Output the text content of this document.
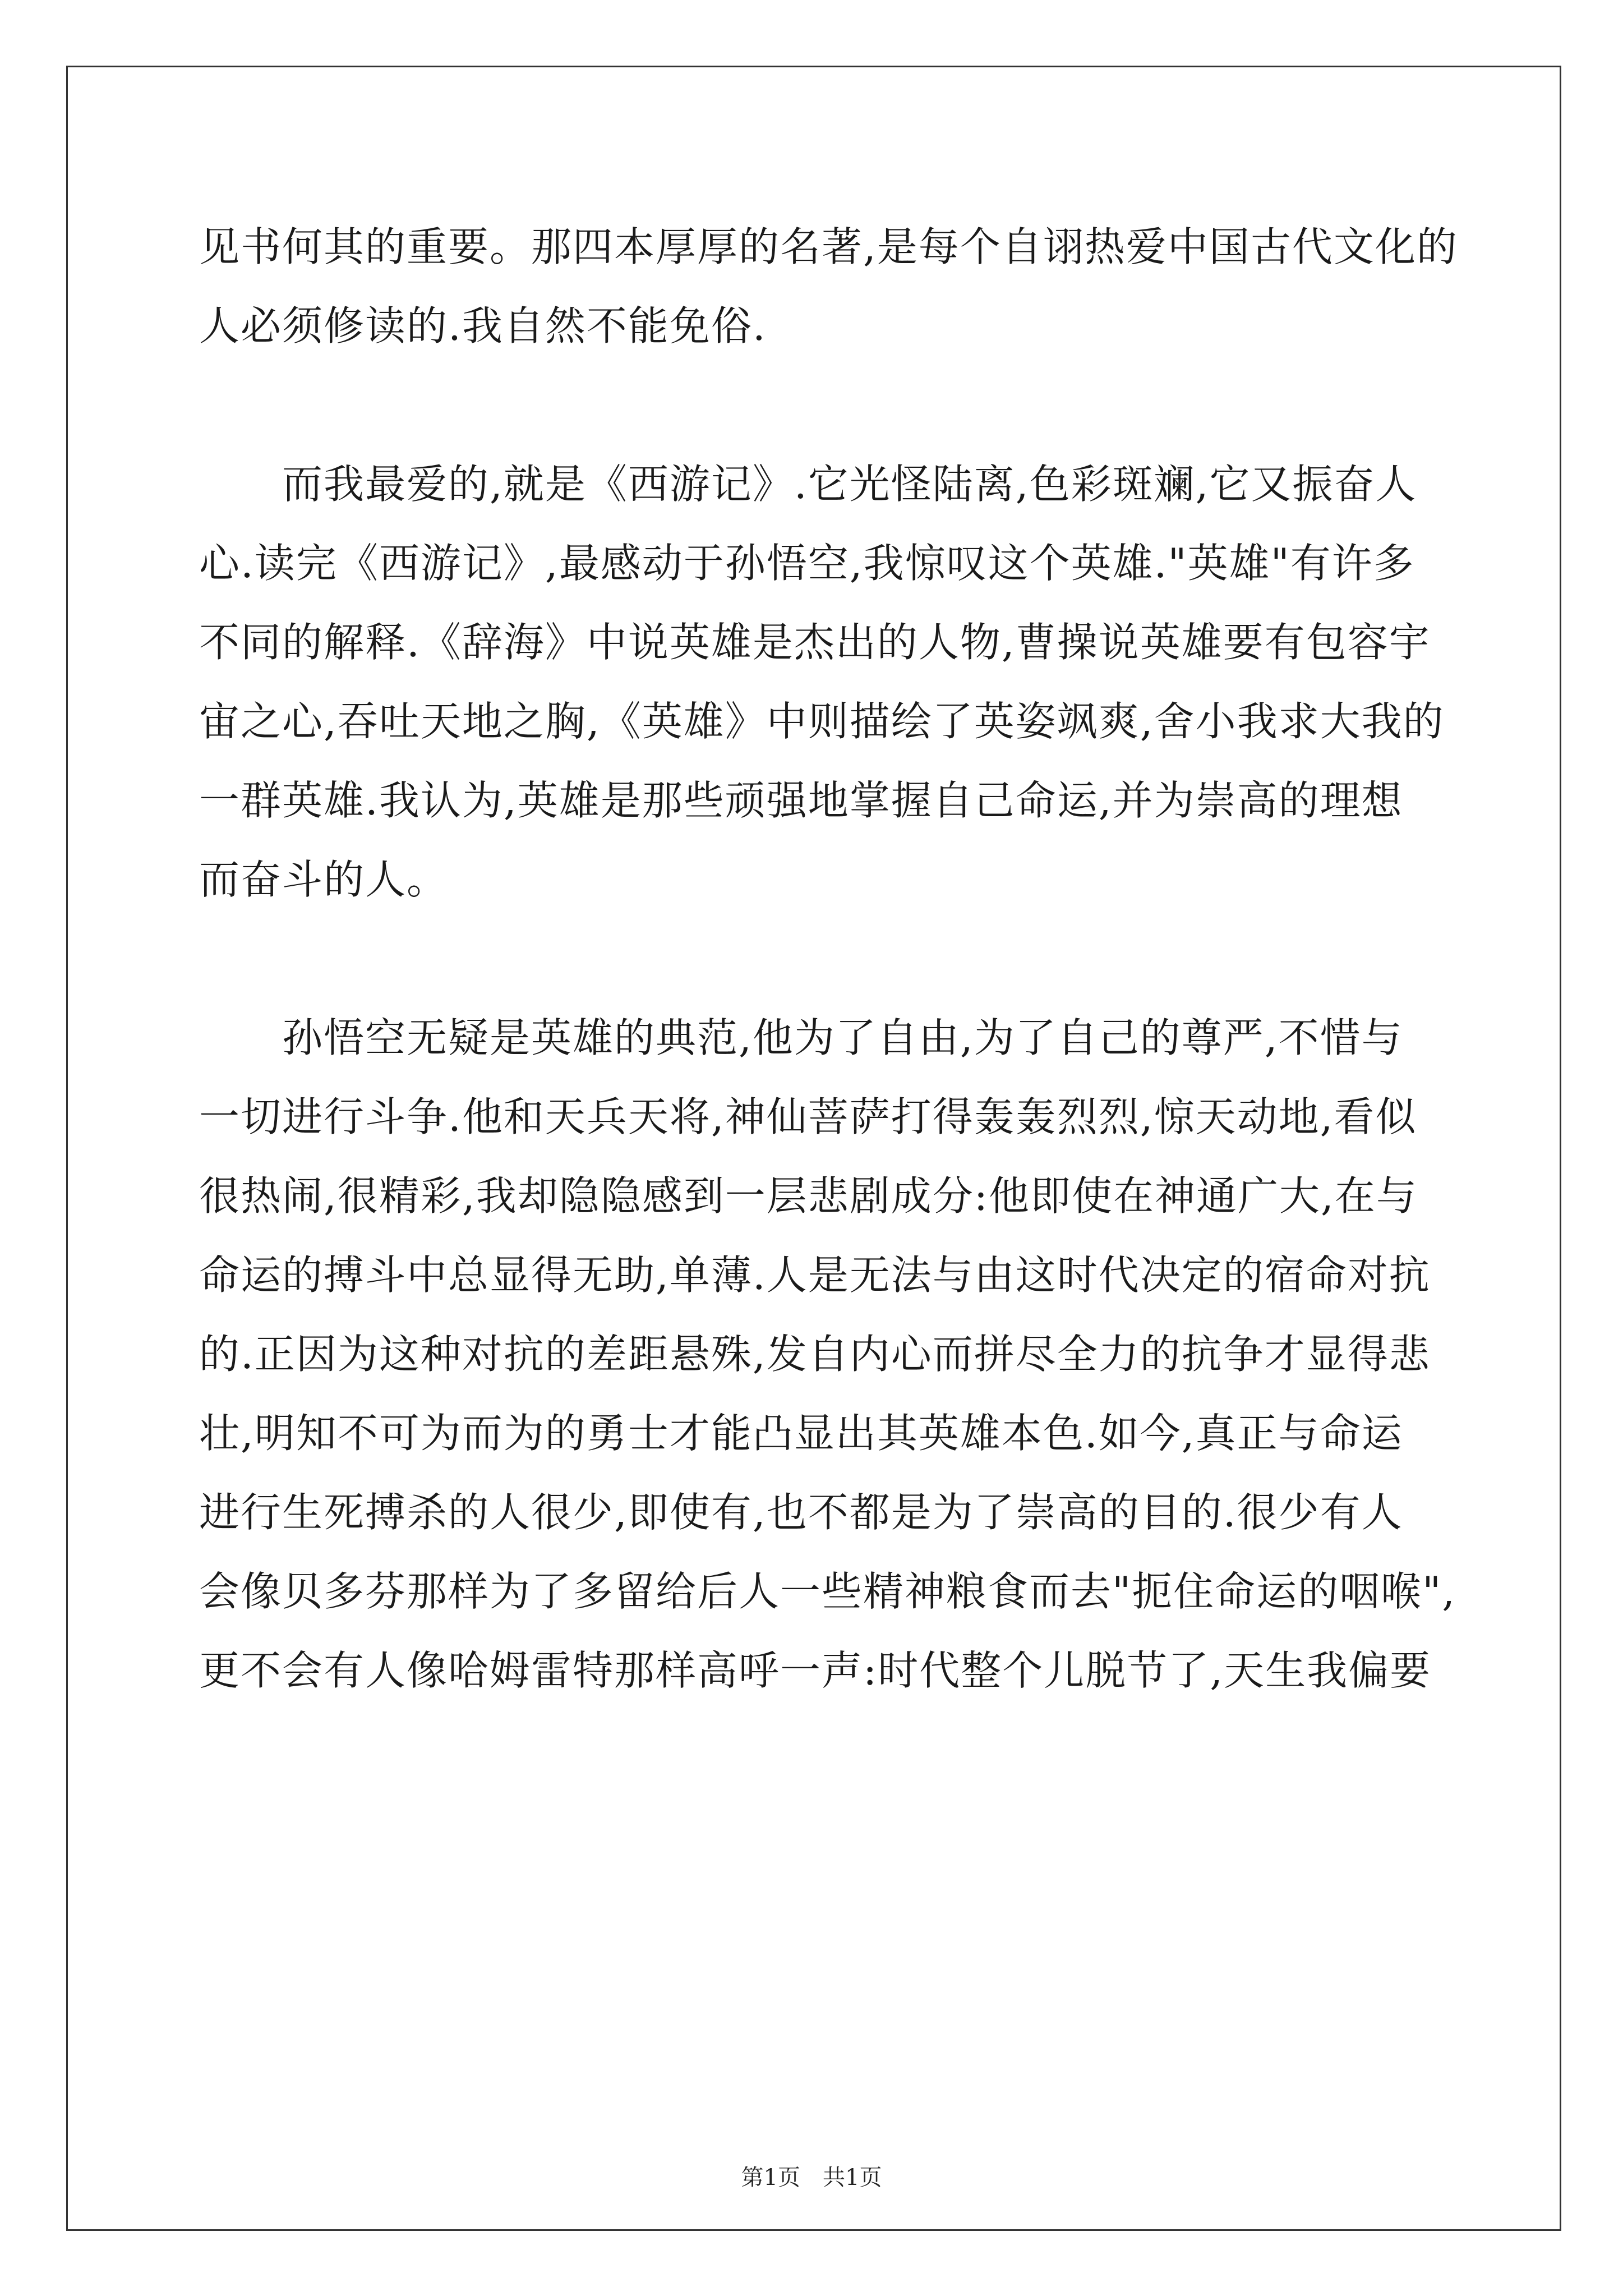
见书何其的重要。那四本厚厚的名著,是每个自诩热爱中国古代文化的
人必须修读的.我自然不能免俗.
　　而我最爱的,就是《西游记》.它光怪陆离,色彩斑斓,它又振奋人
心.读完《西游记》,最感动于孙悟空,我惊叹这个英雄."英雄"有许多
不同的解释.《辞海》中说英雄是杰出的人物,曹操说英雄要有包容宇
宙之心,吞吐天地之胸,《英雄》中则描绘了英姿飒爽,舍小我求大我的
一群英雄.我认为,英雄是那些顽强地掌握自己命运,并为崇高的理想
而奋斗的人。
　　孙悟空无疑是英雄的典范,他为了自由,为了自己的尊严,不惜与
一切进行斗争.他和天兵天将,神仙菩萨打得轰轰烈烈,惊天动地,看似
很热闹,很精彩,我却隐隐感到一层悲剧成分:他即使在神通广大,在与
命运的搏斗中总显得无助,单薄.人是无法与由这时代决定的宿命对抗
的.正因为这种对抗的差距悬殊,发自内心而拼尽全力的抗争才显得悲
壮,明知不可为而为的勇士才能凸显出其英雄本色.如今,真正与命运
进行生死搏杀的人很少,即使有,也不都是为了崇高的目的.很少有人
会像贝多芬那样为了多留给后人一些精神粮食而去"扼住命运的咽喉",
更不会有人像哈姆雷特那样高呼一声:时代整个儿脱节了,天生我偏要
第1页　共1页
